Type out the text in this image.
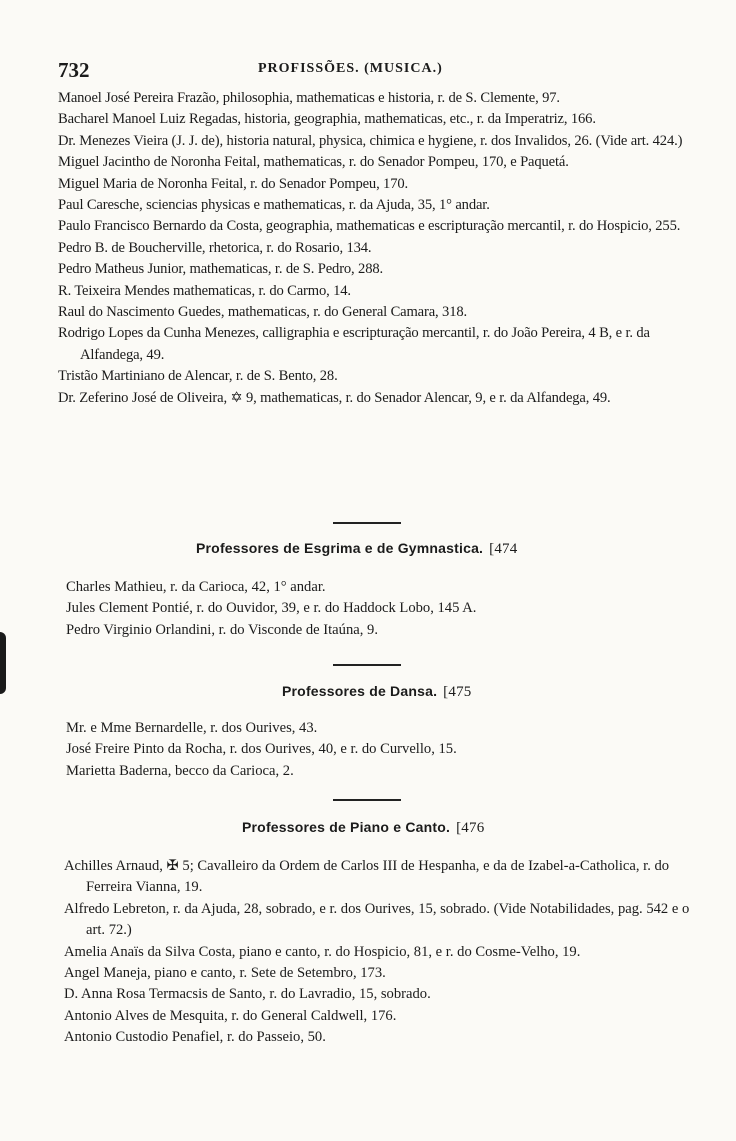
732	PROFISSÕES. (MUSICA.)

Manoel José Pereira Frazão, philosophia, mathematicas e historia, r. de S. Clemente, 97.

Bacharel Manoel Luiz Regadas, historia, geographia, mathematicas, etc., r. da Imperatriz, 166.

Dr. Menezes Vieira (J. J. de), historia natural, physica, chimica e hygiene, r. dos Invalidos, 26. (Vide art. 424.)

Miguel Jacintho de Noronha Feital, mathematicas, r. do Senador Pompeu, 170, e Paquetá.

Miguel Maria de Noronha Feital, r. do Senador Pompeu, 170.

Paul Caresche, sciencias physicas e mathematicas, r. da Ajuda, 35, 1° andar.

Paulo Francisco Bernardo da Costa, geographia, mathematicas e escripturação mercantil, r. do Hospicio, 255.

Pedro B. de Boucherville, rhetorica, r. do Rosario, 134.

Pedro Matheus Junior, mathematicas, r. de S. Pedro, 288.

R. Teixeira Mendes mathematicas, r. do Carmo, 14.

Raul do Nascimento Guedes, mathematicas, r. do General Camara, 318.

Rodrigo Lopes da Cunha Menezes, calligraphia e escripturação mercantil, r. do João Pereira, 4 B, e r. da Alfandega, 49.

Tristão Martiniano de Alencar, r. de S. Bento, 28.

Dr. Zeferino José de Oliveira, ✡ 9, mathematicas, r. do Senador Alencar, 9, e r. da Alfandega, 49.

Professores de Esgrima e de Gymnastica. [474

Charles Mathieu, r. da Carioca, 42, 1° andar.

Jules Clement Pontié, r. do Ouvidor, 39, e r. do Haddock Lobo, 145 A.

Pedro Virginio Orlandini, r. do Visconde de Itaúna, 9.

Professores de Dansa. [475

Mr. e Mme Bernardelle, r. dos Ourives, 43.

José Freire Pinto da Rocha, r. dos Ourives, 40, e r. do Curvello, 15.

Marietta Baderna, becco da Carioca, 2.

Professores de Piano e Canto. [476

Achilles Arnaud, ✠ 5; Cavalleiro da Ordem de Carlos III de Hespanha, e da de Izabel-a-Catholica, r. do Ferreira Vianna, 19.

Alfredo Lebreton, r. da Ajuda, 28, sobrado, e r. dos Ourives, 15, sobrado. (Vide Notabilidades, pag. 542 e o art. 72.)

Amelia Anaïs da Silva Costa, piano e canto, r. do Hospicio, 81, e r. do Cosme-Velho, 19.

Angel Maneja, piano e canto, r. Sete de Setembro, 173.

D. Anna Rosa Termacsis de Santo, r. do Lavradio, 15, sobrado.

Antonio Alves de Mesquita, r. do General Caldwell, 176.

Antonio Custodio Penafiel, r. do Passeio, 50.
